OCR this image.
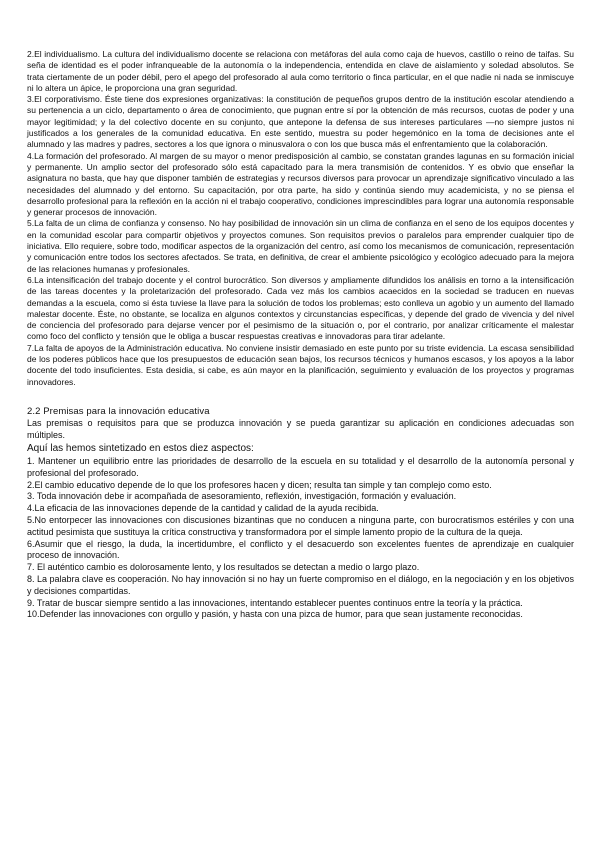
2.El individualismo. La cultura del individualismo docente se relaciona con metáforas del aula como caja de huevos, castillo o reino de taifas. Su seña de identidad es el poder infranqueable de la autonomía o la independencia, entendida en clave de aislamiento y soledad absolutos. Se trata ciertamente de un poder débil, pero el apego del profesorado al aula como territorio o finca particular, en el que nadie ni nada se inmiscuye ni lo altera un ápice, le proporciona una gran seguridad.

3.El corporativismo. Éste tiene dos expresiones organizativas: la constitución de pequeños grupos dentro de la institución escolar atendiendo a su pertenencia a un ciclo, departamento o área de conocimiento, que pugnan entre sí por la obtención de más recursos, cuotas de poder y una mayor legitimidad; y la del colectivo docente en su conjunto, que antepone la defensa de sus intereses particulares —no siempre justos ni justificados a los generales de la comunidad educativa. En este sentido, muestra su poder hegemónico en la toma de decisiones ante el alumnado y las madres y padres, sectores a los que ignora o minusvalora o con los que busca más el enfrentamiento que la colaboración.

4.La formación del profesorado. Al margen de su mayor o menor predisposición al cambio, se constatan grandes lagunas en su formación inicial y permanente. Un amplio sector del profesorado sólo está capacitado para la mera transmisión de contenidos. Y es obvio que enseñar la asignatura no basta, que hay que disponer también de estrategias y recursos diversos para provocar un aprendizaje significativo vinculado a las necesidades del alumnado y del entorno. Su capacitación, por otra parte, ha sido y continúa siendo muy academicista, y no se piensa el desarrollo profesional para la reflexión en la acción ni el trabajo cooperativo, condiciones imprescindibles para lograr una autonomía responsable y generar procesos de innovación.

5.La falta de un clima de confianza y consenso. No hay posibilidad de innovación sin un clima de confianza en el seno de los equipos docentes y en la comunidad escolar para compartir objetivos y proyectos comunes. Son requisitos previos o paralelos para emprender cualquier tipo de iniciativa. Ello requiere, sobre todo, modificar aspectos de la organización del centro, así como los mecanismos de comunicación, representación y comunicación entre todos los sectores afectados. Se trata, en definitiva, de crear el ambiente psicológico y ecológico adecuado para la mejora de las relaciones humanas y profesionales.

6.La intensificación del trabajo docente y el control burocrático. Son diversos y ampliamente difundidos los análisis en torno a la intensificación de las tareas docentes y la proletarización del profesorado. Cada vez más los cambios acaecidos en la sociedad se traducen en nuevas demandas a la escuela, como si ésta tuviese la llave para la solución de todos los problemas; esto conlleva un agobio y un aumento del llamado malestar docente. Éste, no obstante, se localiza en algunos contextos y circunstancias específicas, y depende del grado de vivencia y del nivel de conciencia del profesorado para dejarse vencer por el pesimismo de la situación o, por el contrario, por analizar críticamente el malestar como foco del conflicto y tensión que le obliga a buscar respuestas creativas e innovadoras para tirar adelante.

7.La falta de apoyos de la Administración educativa. No conviene insistir demasiado en este punto por su triste evidencia. La escasa sensibilidad de los poderes públicos hace que los presupuestos de educación sean bajos, los recursos técnicos y humanos escasos, y los apoyos a la labor docente del todo insuficientes. Esta desidia, si cabe, es aún mayor en la planificación, seguimiento y evaluación de los proyectos y programas innovadores.

2.2 Premisas para la innovación educativa

Las premisas o requisitos para que se produzca innovación y se pueda garantizar su aplicación en condiciones adecuadas son múltiples.

Aquí las hemos sintetizado en estos diez aspectos:

1. Mantener un equilibrio entre las prioridades de desarrollo de la escuela en su totalidad y el desarrollo de la autonomía personal y profesional del profesorado.
2.El cambio educativo depende de lo que los profesores hacen y dicen; resulta tan simple y tan complejo como esto.
3. Toda innovación debe ir acompañada de asesoramiento, reflexión, investigación, formación y evaluación.
4.La eficacia de las innovaciones depende de la cantidad y calidad de la ayuda recibida.
5.No entorpecer las innovaciones con discusiones bizantinas que no conducen a ninguna parte, con burocratismos estériles y con una actitud pesimista que sustituya la crítica constructiva y transformadora por el simple lamento propio de la cultura de la queja.
6.Asumir que el riesgo, la duda, la incertidumbre, el conflicto y el desacuerdo son excelentes fuentes de aprendizaje en cualquier proceso de innovación.
7. El auténtico cambio es dolorosamente lento, y los resultados se detectan a medio o largo plazo.
8. La palabra clave es cooperación. No hay innovación si no hay un fuerte compromiso en el diálogo, en la negociación y en los objetivos y decisiones compartidas.
9. Tratar de buscar siempre sentido a las innovaciones, intentando establecer puentes continuos entre la teoría y la práctica.
10.Defender las innovaciones con orgullo y pasión, y hasta con una pizca de humor, para que sean justamente reconocidas.
